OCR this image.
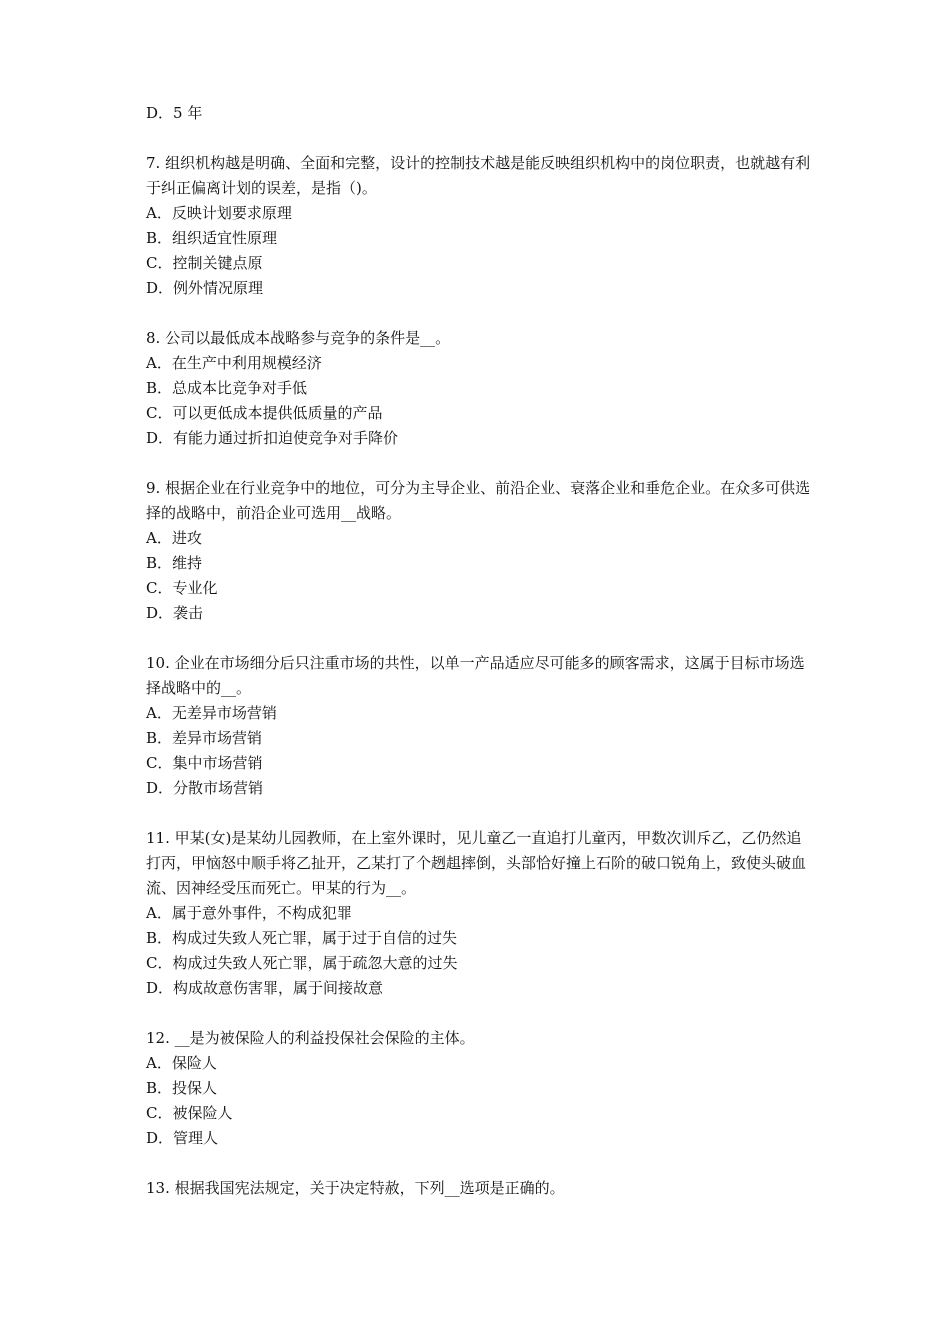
D．5 年
7. 组织机构越是明确、全面和完整，设计的控制技术越是能反映组织机构中的岗位职责，也就越有利于纠正偏离计划的误差，是指（)。
A．反映计划要求原理
B．组织适宜性原理
C．控制关键点原
D．例外情况原理
8. 公司以最低成本战略参与竞争的条件是__。
A．在生产中利用规模经济
B．总成本比竞争对手低
C．可以更低成本提供低质量的产品
D．有能力通过折扣迫使竞争对手降价
9. 根据企业在行业竞争中的地位，可分为主导企业、前沿企业、衰落企业和垂危企业。在众多可供选择的战略中，前沿企业可选用__战略。
A．进攻
B．维持
C．专业化
D．袭击
10. 企业在市场细分后只注重市场的共性，以单一产品适应尽可能多的顾客需求，这属于目标市场选择战略中的__。
A．无差异市场营销
B．差异市场营销
C．集中市场营销
D．分散市场营销
11. 甲某(女)是某幼儿园教师，在上室外课时，见儿童乙一直追打儿童丙，甲数次训斥乙，乙仍然追打丙，甲恼怒中顺手将乙扯开，乙某打了个趔趄摔倒，头部恰好撞上石阶的破口锐角上，致使头破血流、因神经受压而死亡。甲某的行为__。
A．属于意外事件，不构成犯罪
B．构成过失致人死亡罪，属于过于自信的过失
C．构成过失致人死亡罪，属于疏忽大意的过失
D．构成故意伤害罪，属于间接故意
12. __是为被保险人的利益投保社会保险的主体。
A．保险人
B．投保人
C．被保险人
D．管理人
13. 根据我国宪法规定，关于决定特赦，下列__选项是正确的。
